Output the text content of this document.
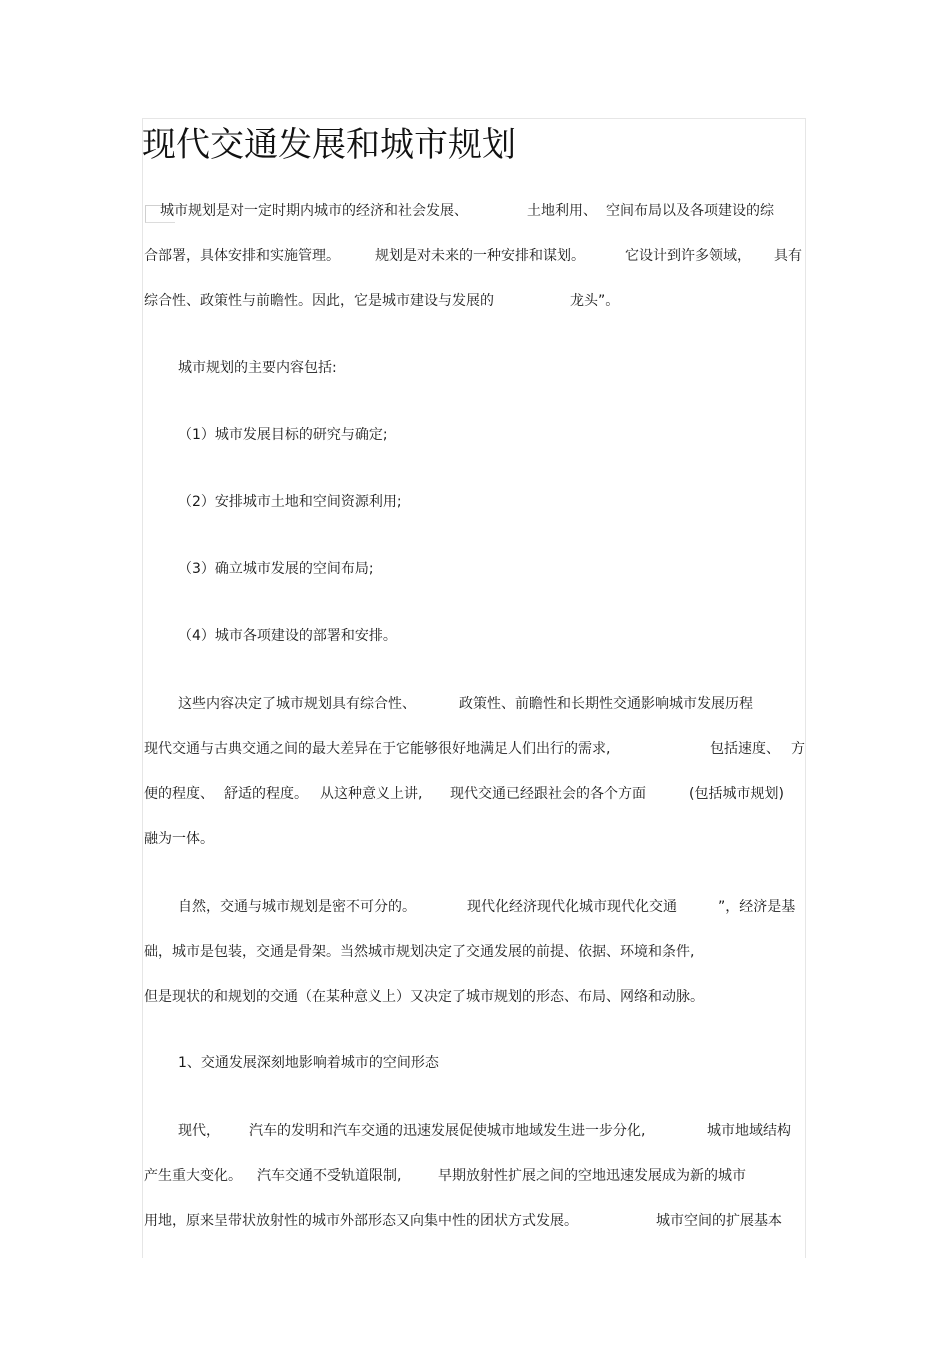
现代交通发展和城市规划
城市规划是对一定时期内城市的经济和社会发展、	土地利用、 空间布局以及各项建设的综
合部署，具体安排和实施管理。	规划是对未来的一种安排和谋划。	它设计到许多领域， 具有
综合性、政策性与前瞻性。因此，它是城市建设与发展的	龙头”。
城市规划的主要内容包括:
（1）城市发展目标的研究与确定;
（2）安排城市土地和空间资源利用;
（3）确立城市发展的空间布局;
（4）城市各项建设的部署和安排。
这些内容决定了城市规划具有综合性、	政策性、前瞻性和长期性交通影响城市发展历程
现代交通与古典交通之间的最大差异在于它能够很好地满足人们出行的需求,	包括速度、 方
便的程度、 舒适的程度。 从这种意义上讲, 现代交通已经跟社会的各个方面	(包括城市规划)
融为一体。
自然，交通与城市规划是密不可分的。	现代化经济现代化城市现代化交通	”，经济是基
础，城市是包装，交通是骨架。当然城市规划决定了交通发展的前提、依据、环境和条件,
但是现状的和规划的交通（在某种意义上）又决定了城市规划的形态、布局、网络和动脉。
1、交通发展深刻地影响着城市的空间形态
现代， 汽车的发明和汽车交通的迅速发展促使城市地域发生进一步分化,	城市地域结构
产生重大变化。 汽车交通不受轨道限制,	早期放射性扩展之间的空地迅速发展成为新的城市
用地，原来呈带状放射性的城市外部形态又向集中性的团状方式发展。	城市空间的扩展基本
